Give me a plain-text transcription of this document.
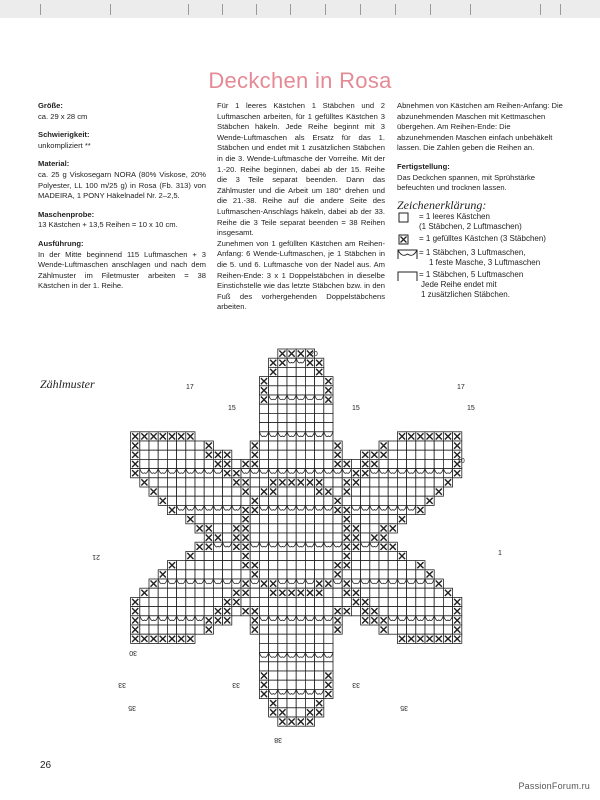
Deckchen in Rosa

Größe:

ca. 29 x 28 cm

Schwierigkeit:

unkompliziert **

Material:

ca. 25 g Viskosegarn NORA (80% Viskose, 20% Polyester, LL 100 m/25 g) in Rosa (Fb. 313) von MADEIRA, 1 PONY Häkelnadel Nr. 2–2,5.

Maschenprobe:

13 Kästchen + 13,5 Reihen = 10 x 10 cm.

Ausführung:

In der Mitte beginnend 115 Luftmaschen + 3 Wende-Luftmaschen anschlagen und nach dem Zählmuster im Filetmuster arbeiten = 38 Kästchen in der 1. Reihe.

Für 1 leeres Kästchen 1 Stäbchen und 2 Luftmaschen arbeiten, für 1 gefülltes Kästchen 3 Stäbchen häkeln. Jede Reihe beginnt mit 3 Wende-Luftmaschen als Ersatz für das 1. Stäbchen und endet mit 1 zusätzlichen Stäbchen in die 3. Wende-Luftmasche der Vorreihe. Mit der 1.-20. Reihe beginnen, dabei ab der 15. Reihe die 3 Teile separat beenden. Dann das Zählmuster und die Arbeit um 180° drehen und die 21.-38. Reihe auf die andere Seite des Luftmaschen-Anschlags häkeln, dabei ab der 33. Reihe die 3 Teile separat beenden = 38 Reihen insgesamt.

Zunehmen von 1 gefüllten Kästchen am Reihen-Anfang: 6 Wende-Luftmaschen, je 1 Stäbchen in die 5. und 6. Luftmasche von der Nadel aus. Am Reihen-Ende: 3 x 1 Doppelstäbchen in dieselbe Einstichstelle wie das letzte Stäbchen bzw. in den Fuß des vorhergehenden Doppelstäbchens arbeiten.

Abnehmen von Kästchen am Reihen-Anfang: Die abzunehmenden Maschen mit Kettmaschen übergehen. Am Reihen-Ende: Die abzunehmenden Maschen einfach unbehäkelt lassen. Die Zahlen geben die Reihen an.

Fertigstellung:

Das Deckchen spannen, mit Sprühstärke befeuchten und trocknen lassen.

Zeichenerklärung:
= 1 leeres Kästchen
(1 Stäbchen, 2 Luftmaschen)
= 1 gefülltes Kästchen (3 Stäbchen)
= 1 Stäbchen, 3 Luftmaschen,
1 feste Masche, 3 Luftmaschen
= 1 Stäbchen, 5 Luftmaschen
Jede Reihe endet mit
1 zusätzlichen Stäbchen.
Zählmuster
1
10
15	15	15
17	17
20
21
30
33	33	33
35	35
38
26
PassionForum.ru
